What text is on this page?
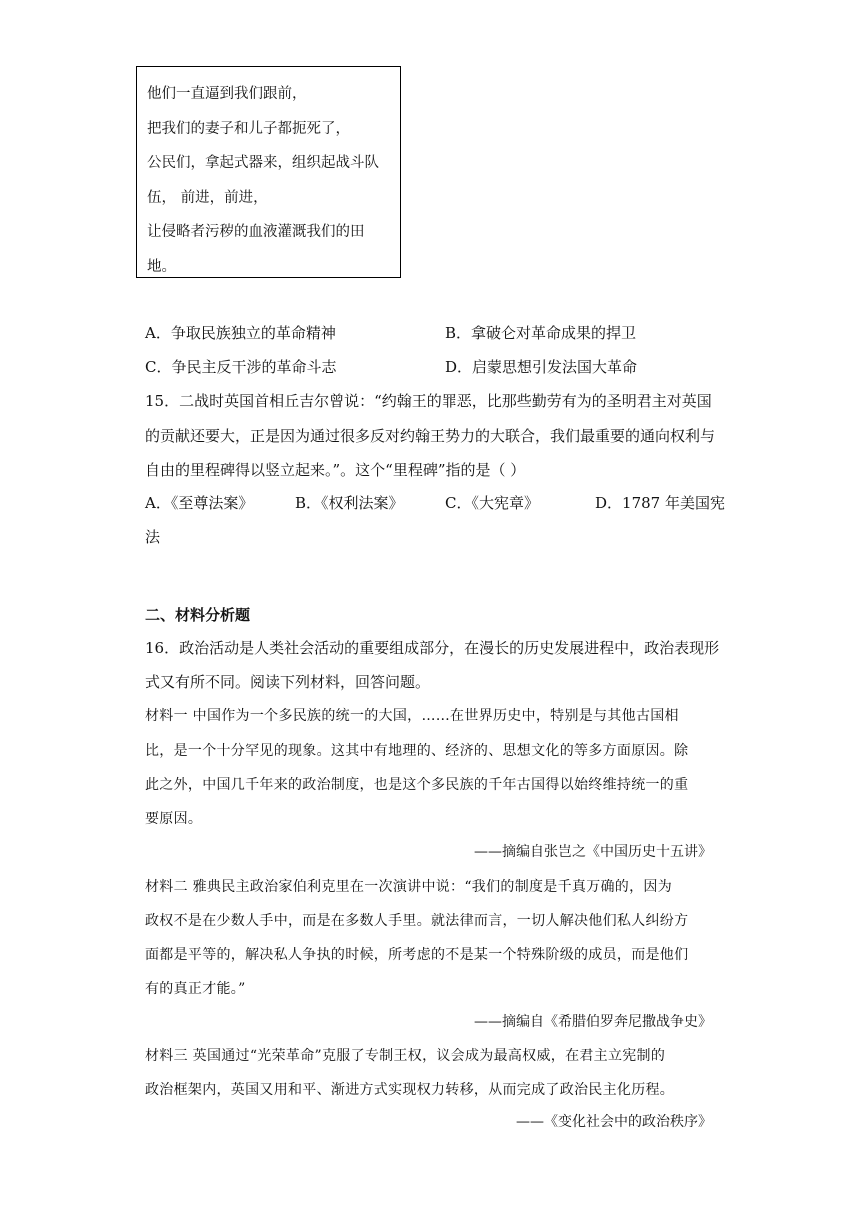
他们一直逼到我们跟前，
把我们的妻子和儿子都扼死了，
公民们，拿起式器来，组织起战斗队
伍， 前进，前进，
让侵略者污秽的血液灌溉我们的田
地。
A．争取民族独立的革命精神	B．拿破仑对革命成果的捍卫
C．争民主反干涉的革命斗志	D．启蒙思想引发法国大革命
15．二战时英国首相丘吉尔曾说：“约翰王的罪恶，比那些勤劳有为的圣明君主对英国
的贡献还要大，正是因为通过很多反对约翰王势力的大联合，我们最重要的通向权利与
自由的里程碑得以竖立起来。”。这个“里程碑”指的是（ ）
A．《至尊法案》	B．《权利法案》	C．《大宪章》	D．1787 年美国宪
法
二、材料分析题
16．政治活动是人类社会活动的重要组成部分，在漫长的历史发展进程中，政治表现形
式又有所不同。阅读下列材料，回答问题。
材料一 中国作为一个多民族的统一的大国，……在世界历史中，特别是与其他古国相
比，是一个十分罕见的现象。这其中有地理的、经济的、思想文化的等多方面原因。除
此之外，中国几千年来的政治制度，也是这个多民族的千年古国得以始终维持统一的重
要原因。
——摘编自张岂之《中国历史十五讲》
材料二 雅典民主政治家伯利克里在一次演讲中说：“我们的制度是千真万确的，因为
政权不是在少数人手中，而是在多数人手里。就法律而言，一切人解决他们私人纠纷方
面都是平等的，解决私人争执的时候，所考虑的不是某一个特殊阶级的成员，而是他们
有的真正才能。”
——摘编自《希腊伯罗奔尼撒战争史》
材料三 英国通过“光荣革命”克服了专制王权，议会成为最高权威，在君主立宪制的
政治框架内，英国又用和平、渐进方式实现权力转移，从而完成了政治民主化历程。
——《变化社会中的政治秩序》
